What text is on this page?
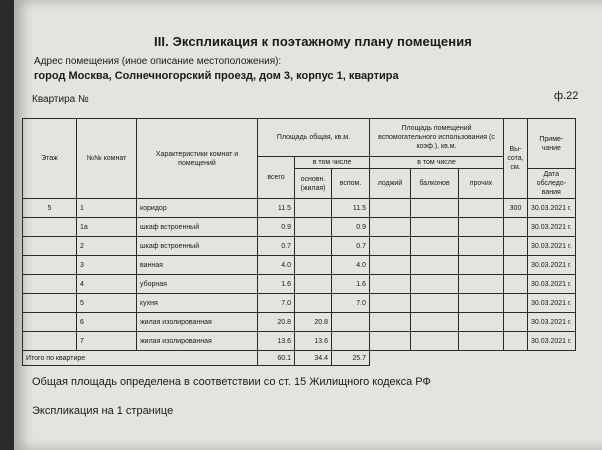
III. Экспликация к поэтажному плану помещения
Адрес помещения (иное описание местоположения):
город Москва, Солнечногорский проезд, дом 3, корпус 1, квартира
Квартира №	ф.22
Этаж	№№ комнат	Характеристики комнат и помещений	Площадь общая, кв.м.			Площадь помещений вспомогательного использования (с коэф.), кв.м.			Вы-сота, см.	Приме-чание
			всего	в том числе		в том числе				
				основн. (жилая)	вспом.	лоджий	балконов	прочих		Дата обследо-вания
5	1	коридор	11.5		11.5				300	30.03.2021 г.
	1а	шкаф встроенный	0.9		0.9					30.03.2021 г.
	2	шкаф встроенный	0.7		0.7					30.03.2021 г.
	3	ванная	4.0		4.0					30.03.2021 г.
	4	уборная	1.6		1.6					30.03.2021 г.
	5	кухня	7.0		7.0					30.03.2021 г.
	6	жилая изолированная	20.8	20.8						30.03.2021 г.
	7	жилая изолированная	13.6	13.6						30.03.2021 г.
Итого по квартире			60.1	34.4	25.7					
Общая площадь определена в соответствии со ст. 15 Жилищного кодекса РФ
Экспликация на 1 странице
